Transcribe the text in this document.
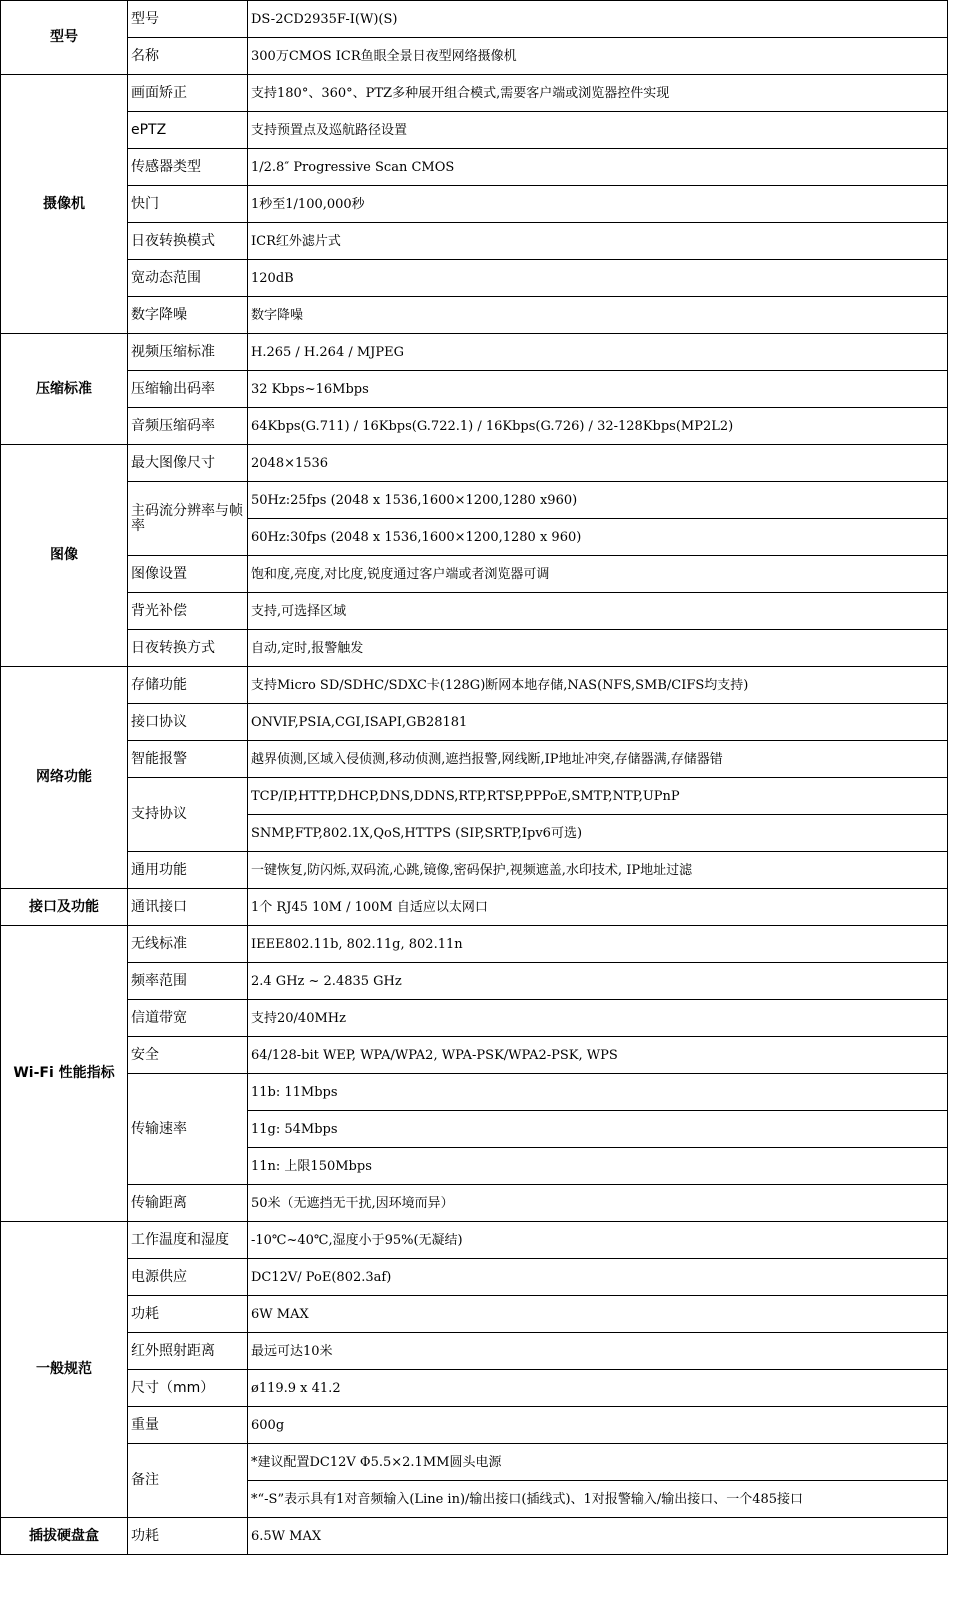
型号	型号	DS-2CD2935F-I(W)(S)
	名称	300万CMOS ICR鱼眼全景日夜型网络摄像机
摄像机	画面矫正	支持180°、360°、PTZ多种展开组合模式,需要客户端或浏览器控件实现
	ePTZ	支持预置点及巡航路径设置
	传感器类型	1/2.8″ Progressive Scan CMOS
	快门	1秒至1/100,000秒
	日夜转换模式	ICR红外滤片式
	宽动态范围	120dB
	数字降噪	数字降噪
压缩标准	视频压缩标准	H.265 / H.264 / MJPEG
	压缩输出码率	32 Kbps~16Mbps
	音频压缩码率	64Kbps(G.711) / 16Kbps(G.722.1) / 16Kbps(G.726) / 32-128Kbps(MP2L2)
图像	最大图像尺寸	2048×1536
	主码流分辨率与帧率	50Hz:25fps (2048 x 1536,1600×1200,1280 x960)
		60Hz:30fps (2048 x 1536,1600×1200,1280 x 960)
	图像设置	饱和度,亮度,对比度,锐度通过客户端或者浏览器可调
	背光补偿	支持,可选择区域
	日夜转换方式	自动,定时,报警触发
网络功能	存储功能	支持Micro SD/SDHC/SDXC卡(128G)断网本地存储,NAS(NFS,SMB/CIFS均支持)
	接口协议	ONVIF,PSIA,CGI,ISAPI,GB28181
	智能报警	越界侦测,区域入侵侦测,移动侦测,遮挡报警,网线断,IP地址冲突,存储器满,存储器错
	支持协议	TCP/IP,HTTP,DHCP,DNS,DDNS,RTP,RTSP,PPPoE,SMTP,NTP,UPnP
		SNMP,FTP,802.1X,QoS,HTTPS (SIP,SRTP,Ipv6可选)
	通用功能	一键恢复,防闪烁,双码流,心跳,镜像,密码保护,视频遮盖,水印技术, IP地址过滤
接口及功能	通讯接口	1个 RJ45 10M / 100M 自适应以太网口
Wi-Fi 性能指标	无线标准	IEEE802.11b, 802.11g, 802.11n
	频率范围	2.4 GHz ~ 2.4835 GHz
	信道带宽	支持20/40MHz
	安全	64/128-bit WEP, WPA/WPA2, WPA-PSK/WPA2-PSK, WPS
	传输速率	11b: 11Mbps
		11g: 54Mbps
		11n: 上限150Mbps
	传输距离	50米（无遮挡无干扰,因环境而异）
一般规范	工作温度和湿度	-10℃~40℃,湿度小于95%(无凝结)
	电源供应	DC12V/ PoE(802.3af)
	功耗	6W MAX
	红外照射距离	最远可达10米
	尺寸（mm）	ø119.9 x 41.2
	重量	600g
	备注	*建议配置DC12V Φ5.5×2.1MM圆头电源
		*“-S”表示具有1对音频输入(Line in)/输出接口(插线式)、1对报警输入/输出接口、一个485接口
插拔硬盘盒	功耗	6.5W MAX
